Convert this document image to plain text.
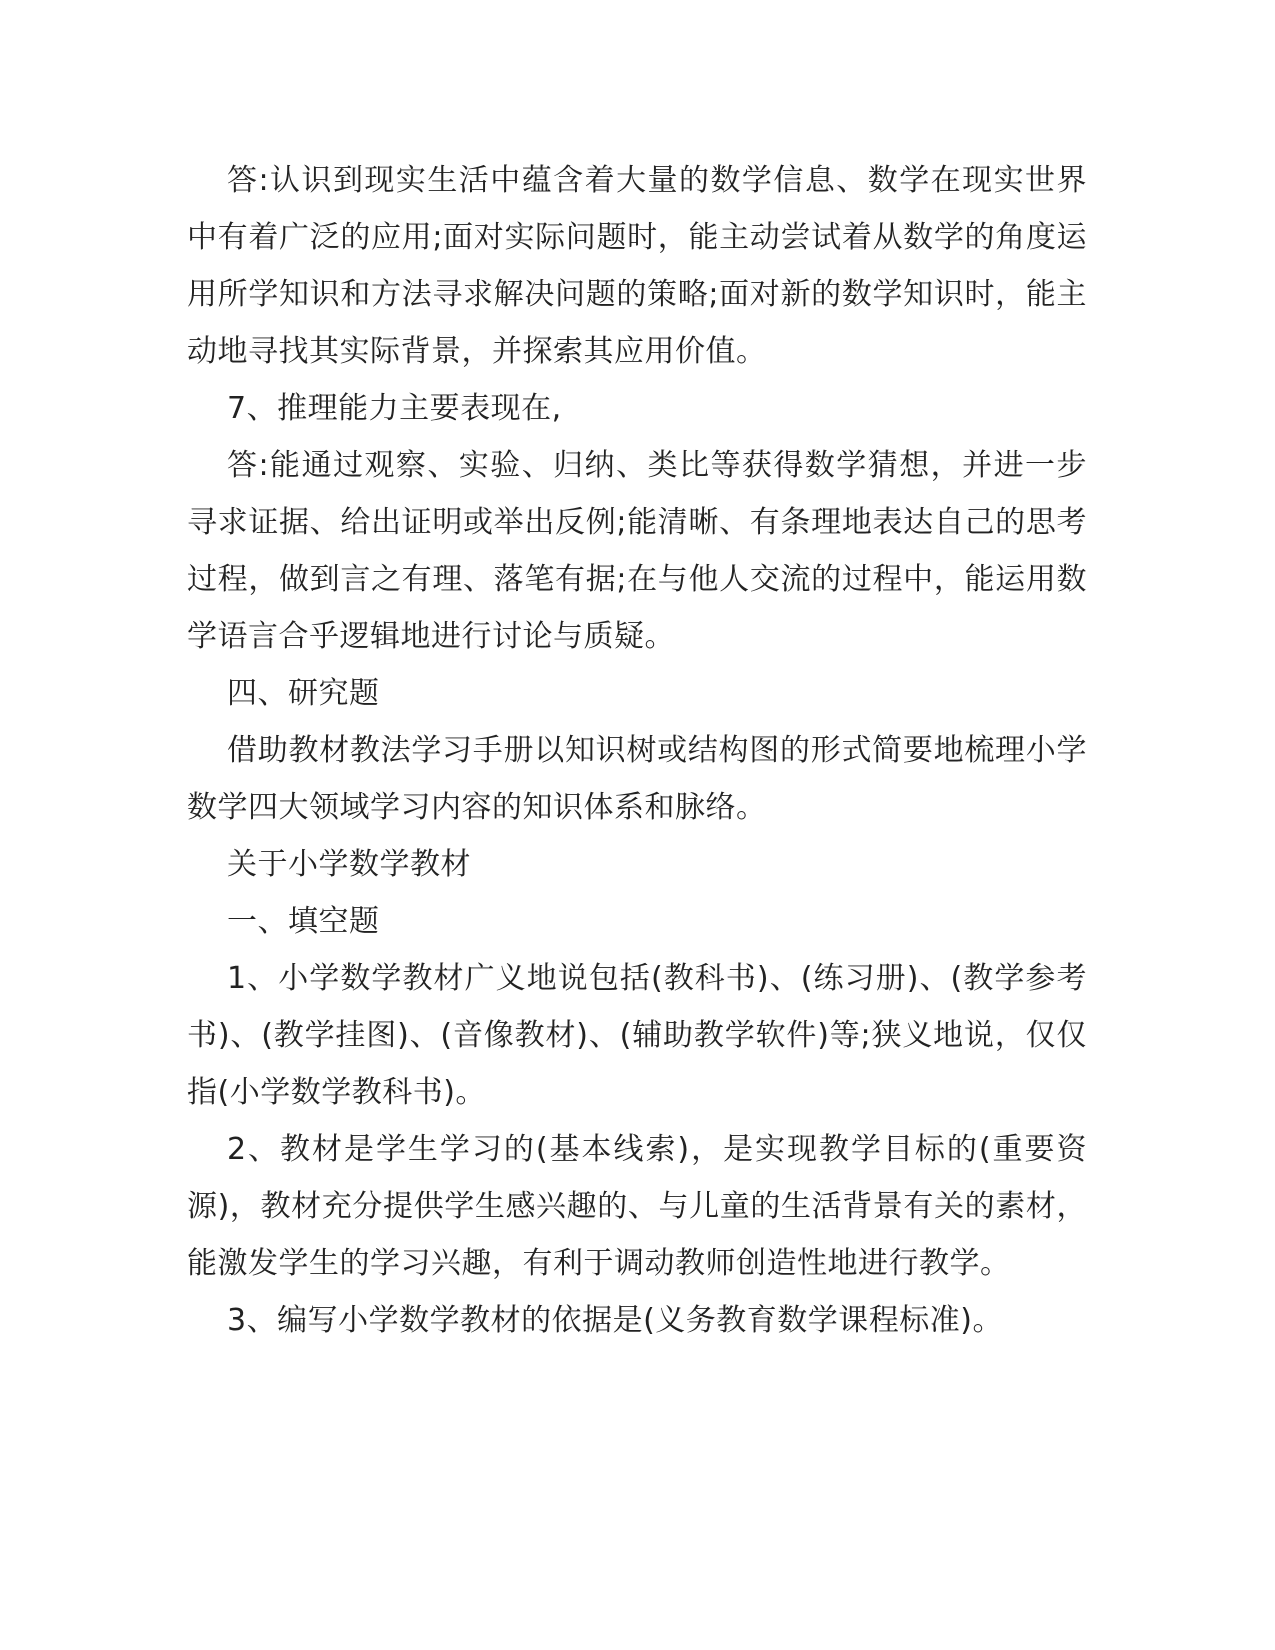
答:认识到现实生活中蕴含着大量的数学信息、数学在现实世界中有着广泛的应用;面对实际问题时，能主动尝试着从数学的角度运用所学知识和方法寻求解决问题的策略;面对新的数学知识时，能主动地寻找其实际背景，并探索其应用价值。

7、推理能力主要表现在,

答:能通过观察、实验、归纳、类比等获得数学猜想，并进一步寻求证据、给出证明或举出反例;能清晰、有条理地表达自己的思考过程，做到言之有理、落笔有据;在与他人交流的过程中，能运用数学语言合乎逻辑地进行讨论与质疑。

四、研究题

借助教材教法学习手册以知识树或结构图的形式简要地梳理小学数学四大领域学习内容的知识体系和脉络。

关于小学数学教材

一、填空题

1、小学数学教材广义地说包括(教科书)、(练习册)、(教学参考书)、(教学挂图)、(音像教材)、(辅助教学软件)等;狭义地说，仅仅指(小学数学教科书)。

2、教材是学生学习的(基本线索)，是实现教学目标的(重要资源)，教材充分提供学生感兴趣的、与儿童的生活背景有关的素材，能激发学生的学习兴趣，有利于调动教师创造性地进行教学。

3、编写小学数学教材的依据是(义务教育数学课程标准)。
